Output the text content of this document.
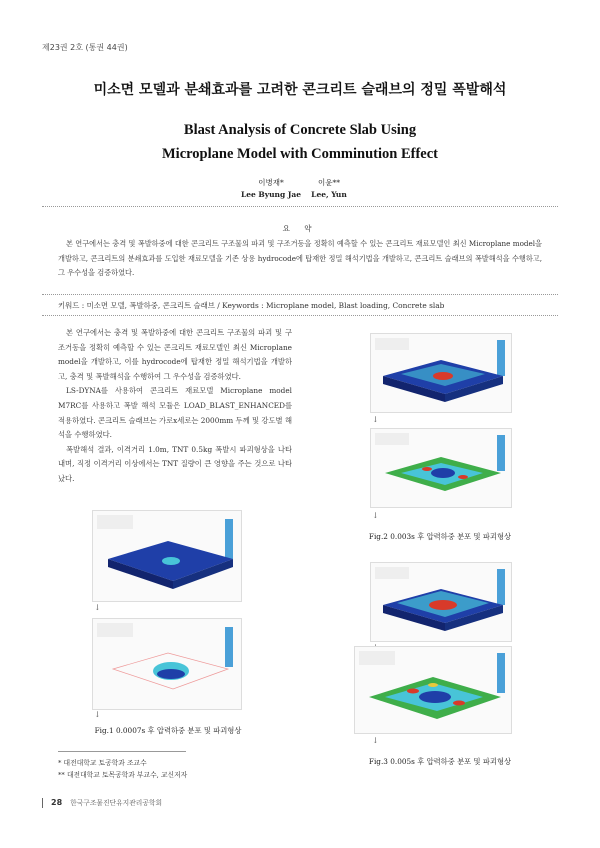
제23권 2호 (통권 44권)
미소면 모델과 분쇄효과를 고려한 콘크리트 슬래브의 정밀 폭발해석
Blast Analysis of Concrete Slab Using
Microplane Model with Comminution Effect
이병재*
Lee Byung Jae
이윤**
Lee, Yun
요 약
본 연구에서는 충격 및 폭발하중에 대한 콘크리트 구조물의 파괴 및 구조거동을 정확히 예측할 수 있는 콘크리트 재료모델인 최신 Microplane model을 개발하고, 콘크리트의 분쇄효과를 도입한 재료모델을 기존 상용 hydrocode에 탑재한 정밀 해석기법을 개발하고, 콘크리트 슬래브의 폭발해석을 수행하고, 그 우수성을 검증하였다.
키워드 : 미소면 모델, 폭발하중, 콘크리트 슬래브 / Keywords : Microplane model, Blast loading, Concrete slab

본 연구에서는 충격 및 폭발하중에 대한 콘크리트 구조물의 파괴 및 구조거동을 정확히 예측할 수 있는 콘크리트 재료모델인 최신 Microplane model을 개발하고, 이를 hydrocode에 탑재한 정밀 해석기법을 개발하고, 충격 및 폭발해석을 수행하여 그 우수성을 검증하였다.

LS-DYNA를 사용하여 콘크리트 재료모델 Microplane model M7RC를 사용하고 폭발 해석 모듈은 LOAD_BLAST_ENHANCED를 적용하였다. 콘크리트 슬래브는 가로x세로는 2000mm 두께 및 강도별 해석을 수행하였다.

폭발해석 결과, 이격거리 1.0m, TNT 0.5kg 폭발시 파괴형상을 나타내며, 직정 이격거리 이상에서는 TNT 질량이 큰 영향을 주는 것으로 나타났다.

↓
↓
Fig.1 0.0007s 후 압력하중 분포 및 파괴형상
↓
↓
Fig.2 0.003s 후 압력하중 분포 및 파괴형상
↓
Fig.3 0.005s 후 압력하중 분포 및 파괴형상
* 대전대학교 토공학과 조교수
** 대전대학교 토목공학과 부교수, 교신저자
28 한국구조물진단유지관리공학회
